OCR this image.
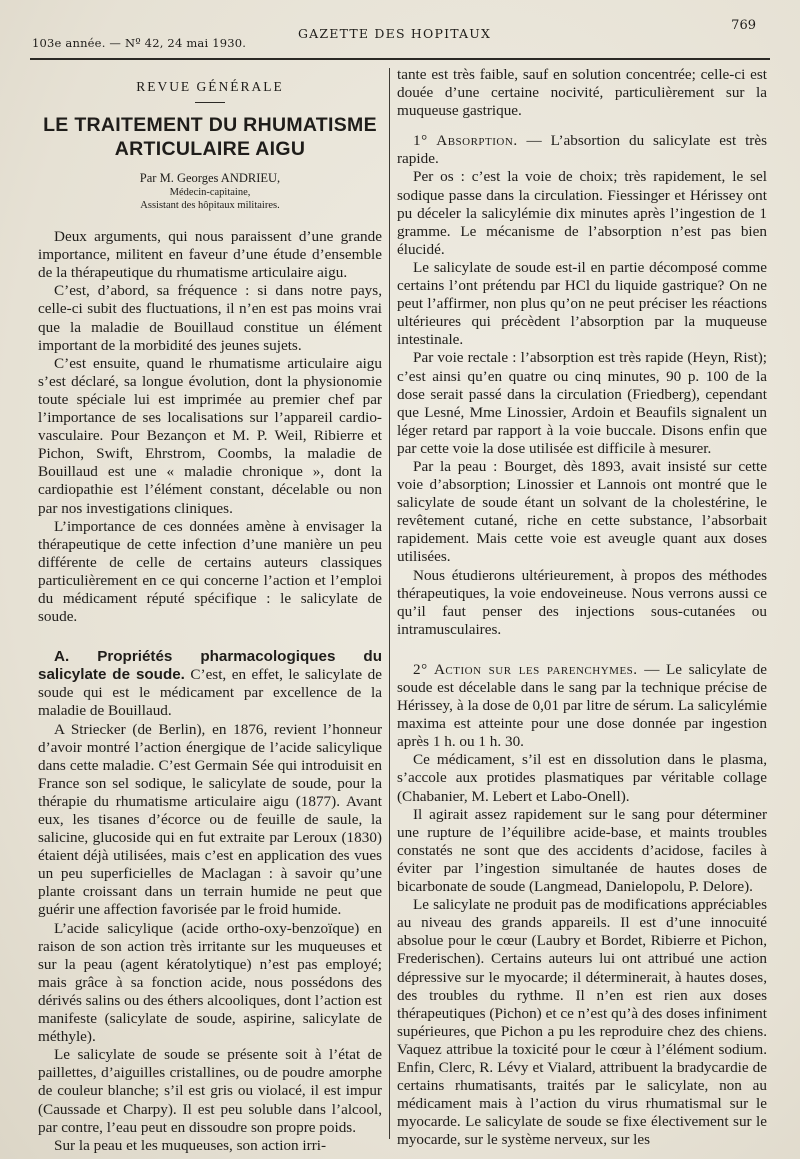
103e année. — Nº 42, 24 mai 1930.
GAZETTE DES HOPITAUX
769
REVUE GÉNÉRALE
LE TRAITEMENT DU RHUMATISME
ARTICULAIRE AIGU
Par M. Georges ANDRIEU,
Médecin-capitaine,
Assistant des hôpitaux militaires.

Deux arguments, qui nous paraissent d’une grande importance, militent en faveur d’une étude d’ensemble de la thérapeutique du rhumatisme articulaire aigu.

C’est, d’abord, sa fréquence : si dans notre pays, celle-ci subit des fluctuations, il n’en est pas moins vrai que la maladie de Bouillaud constitue un élément important de la morbidité des jeunes sujets.

C’est ensuite, quand le rhumatisme articulaire aigu s’est déclaré, sa longue évolution, dont la physionomie toute spéciale lui est imprimée au premier chef par l’importance de ses localisations sur l’appareil cardio-vasculaire. Pour Bezançon et M. P. Weil, Ribierre et Pichon, Swift, Ehrstrom, Coombs, la maladie de Bouillaud est une « maladie chronique », dont la cardiopathie est l’élément constant, décelable ou non par nos investigations cliniques.

L’importance de ces données amène à envisager la thérapeutique de cette infection d’une manière un peu différente de celle de certains auteurs classiques particulièrement en ce qui concerne l’action et l’emploi du médicament réputé spécifique : le salicylate de soude.

A. Propriétés pharmacologiques du salicylate de soude. C’est, en effet, le salicylate de soude qui est le médicament par excellence de la maladie de Bouillaud.

A Striecker (de Berlin), en 1876, revient l’honneur d’avoir montré l’action énergique de l’acide salicylique dans cette maladie. C’est Germain Sée qui introduisit en France son sel sodique, le salicylate de soude, pour la thérapie du rhumatisme articulaire aigu (1877). Avant eux, les tisanes d’écorce ou de feuille de saule, la salicine, glucoside qui en fut extraite par Leroux (1830) étaient déjà utilisées, mais c’est en application des vues un peu superficielles de Maclagan : à savoir qu’une plante croissant dans un terrain humide ne peut que guérir une affection favorisée par le froid humide.

L’acide salicylique (acide ortho-oxy-benzoïque) en raison de son action très irritante sur les muqueuses et sur la peau (agent kératolytique) n’est pas employé; mais grâce à sa fonction acide, nous possédons des dérivés salins ou des éthers alcooliques, dont l’action est manifeste (salicylate de soude, aspirine, salicylate de méthyle).

Le salicylate de soude se présente soit à l’état de paillettes, d’aiguilles cristallines, ou de poudre amorphe de couleur blanche; s’il est gris ou violacé, il est impur (Caussade et Charpy). Il est peu soluble dans l’alcool, par contre, l’eau peut en dissoudre son propre poids.

Sur la peau et les muqueuses, son action irri-

tante est très faible, sauf en solution concentrée; celle-ci est douée d’une certaine nocivité, particulièrement sur la muqueuse gastrique.

1° Absorption. — L’absortion du salicylate est très rapide.

Per os : c’est la voie de choix; très rapidement, le sel sodique passe dans la circulation. Fiessinger et Hérissey ont pu déceler la salicylémie dix minutes après l’ingestion de 1 gramme. Le mécanisme de l’absorption n’est pas bien élucidé.

Le salicylate de soude est-il en partie décomposé comme certains l’ont prétendu par HCl du liquide gastrique? On ne peut l’affirmer, non plus qu’on ne peut préciser les réactions ultérieures qui précèdent l’absorption par la muqueuse intestinale.

Par voie rectale : l’absorption est très rapide (Heyn, Rist); c’est ainsi qu’en quatre ou cinq minutes, 90 p. 100 de la dose serait passé dans la circulation (Friedberg), cependant que Lesné, Mme Linossier, Ardoin et Beaufils signalent un léger retard par rapport à la voie buccale. Disons enfin que par cette voie la dose utilisée est difficile à mesurer.

Par la peau : Bourget, dès 1893, avait insisté sur cette voie d’absorption; Linossier et Lannois ont montré que le salicylate de soude étant un solvant de la cholestérine, le revêtement cutané, riche en cette substance, l’absorbait rapidement. Mais cette voie est aveugle quant aux doses utilisées.

Nous étudierons ultérieurement, à propos des méthodes thérapeutiques, la voie endoveineuse. Nous verrons aussi ce qu’il faut penser des injections sous-cutanées ou intramusculaires.

2° Action sur les parenchymes. — Le salicylate de soude est décelable dans le sang par la technique précise de Hérissey, à la dose de 0,01 par litre de sérum. La salicylémie maxima est atteinte pour une dose donnée par ingestion après 1 h. ou 1 h. 30.

Ce médicament, s’il est en dissolution dans le plasma, s’accole aux protides plasmatiques par véritable collage (Chabanier, M. Lebert et Labo-Onell).

Il agirait assez rapidement sur le sang pour déterminer une rupture de l’équilibre acide-base, et maints troubles constatés ne sont que des accidents d’acidose, faciles à éviter par l’ingestion simultanée de hautes doses de bicarbonate de soude (Langmead, Danielopolu, P. Delore).

Le salicylate ne produit pas de modifications appréciables au niveau des grands appareils. Il est d’une innocuité absolue pour le cœur (Laubry et Bordet, Ribierre et Pichon, Frederischen). Certains auteurs lui ont attribué une action dépressive sur le myocarde; il déterminerait, à hautes doses, des troubles du rythme. Il n’en est rien aux doses thérapeutiques (Pichon) et ce n’est qu’à des doses infiniment supérieures, que Pichon a pu les reproduire chez des chiens. Vaquez attribue la toxicité pour le cœur à l’élément sodium. Enfin, Clerc, R. Lévy et Vialard, attribuent la bradycardie de certains rhumatisants, traités par le salicylate, non au médicament mais à l’action du virus rhumatismal sur le myocarde. Le salicylate de soude se fixe électivement sur le myocarde, sur le système nerveux, sur les
